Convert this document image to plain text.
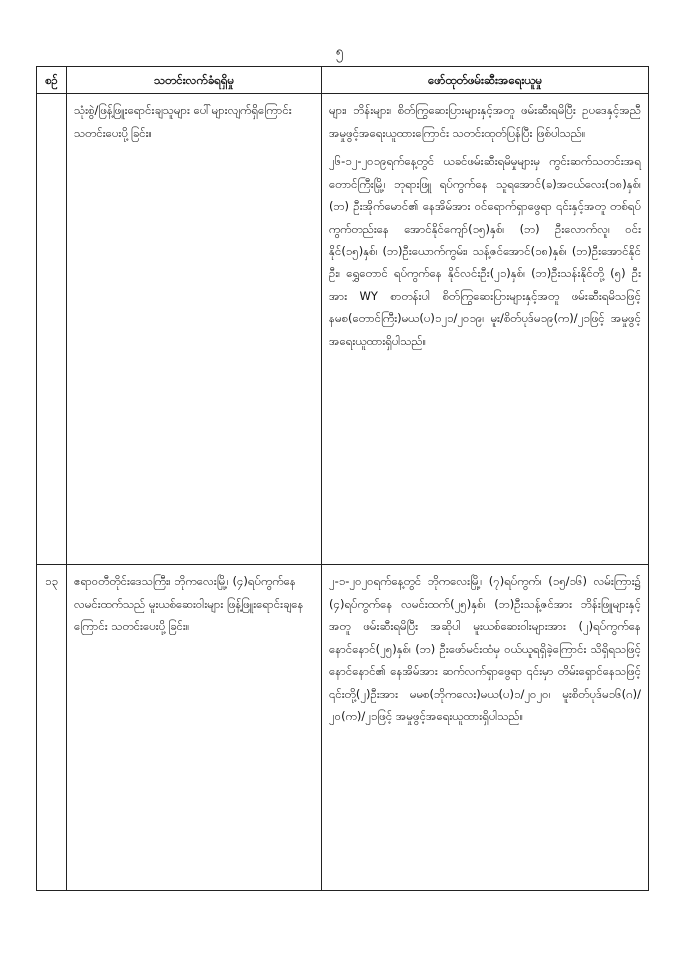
၅
စဉ်	သတင်းလက်ခံရရှိမှု	ဖော်ထုတ်ဖမ်းဆီးအရေးယူမှု
	သုံးစွဲ/ဖြန့်ဖြူးရောင်းချသူများ ပေါ်များလျက်ရှိကြောင်း သတင်းပေးပို့ခြင်း။	များ၊ ဘိန်းများ၊ စိတ်ကြွဆေးပြားများနှင့်အတူ ဖမ်းဆီးရမိပြီး ဥပဒေနှင့်အညီ အမှုဖွင့်အရေးယူထားကြောင်း သတင်းထုတ်ပြန်ပြီး ဖြစ်ပါသည်။

၂၆-၁၂-၂၀၁၉ရက်နေ့တွင် ယခင်ဖမ်းဆီးရမိမှုများမှ ကွင်းဆက်သတင်းအရ တောင်ကြီးမြို့၊ ဘုရားဖြူ ရပ်ကွက်နေ သူရအောင်(ခ)အငယ်လေး(၁၈)နှစ်၊ (ဘ) ဦးအိုက်မောင်၏ နေအိမ်အား ဝင်ရောက်ရှာဖွေရာ ၎င်းနှင့်အတူ တစ်ရပ်ကွက်တည်းနေ အောင်နိုင်ကျော်(၁၅)နှစ်၊ (ဘ) ဦးလောက်လူ၊ ဝင်းနိုင်(၁၅)နှစ်၊ (ဘ)ဦးယောက်ကွမ်း၊ သန့်ဇင်အောင်(၁၈)နှစ်၊ (ဘ)ဦးအောင်နိုင်ဦး၊ ရွှေတောင် ရပ်ကွက်နေ နိုင်လင်းဦး(၂၁)နှစ်၊ (ဘ)ဦးသန်းနိုင်တို့ (၅) ဦးအား WY စာတန်းပါ စိတ်ကြွဆေးပြားများနှင့်အတူ ဖမ်းဆီးရမိသဖြင့် နမစ(တောင်ကြီး)မယ(ပ)၁၂၁/၂၀၁၉၊ မူး/စိတ်ပုဒ်မ၁၉(က)/၂၁ဖြင့် အမှုဖွင့် အရေးယူထားရှိပါသည်။

၁၃	ဧရာဝတီတိုင်းဒေသကြီး၊ ဘိုကလေးမြို့၊ (၄)ရပ်ကွက်နေ လမင်းထက်သည် မူးယစ်ဆေးဝါးများ ဖြန့်ဖြူးရောင်းချနေကြောင်း သတင်းပေးပို့ခြင်း။	၂-၁-၂၀၂၀ရက်နေ့တွင် ဘိုကလေးမြို့၊ (၇)ရပ်ကွက်၊ (၁၅/၁၆) လမ်းကြား၌ (၄)ရပ်ကွက်နေ လမင်းထက်(၂၅)နှစ်၊ (ဘ)ဦးသန့်ဇင်အား ဘိန်းဖြူများနှင့်အတူ ဖမ်းဆီးရမိပြီး အဆိုပါ မူးယစ်ဆေးဝါးများအား (၂)ရပ်ကွက်နေ နောင်နောင်(၂၅)နှစ်၊ (ဘ) ဦးဖော်မင်းထံမှ ဝယ်ယူရရှိခဲ့ကြောင်း သိရှိရသဖြင့် နောင်နောင်၏ နေအိမ်အား ဆက်လက်ရှာဖွေရာ ၎င်းမှာ တိမ်းရှောင်နေသဖြင့် ၎င်းတို့(၂)ဦးအား မမစ(ဘိုကလေး)မယ(ပ)၁/၂၀၂၀၊ မူးစိတ်ပုဒ်မ၁၆(ဂ)/၂၀(က)/၂၁ဖြင့် အမှုဖွင့်အရေးယူထားရှိပါသည်။
